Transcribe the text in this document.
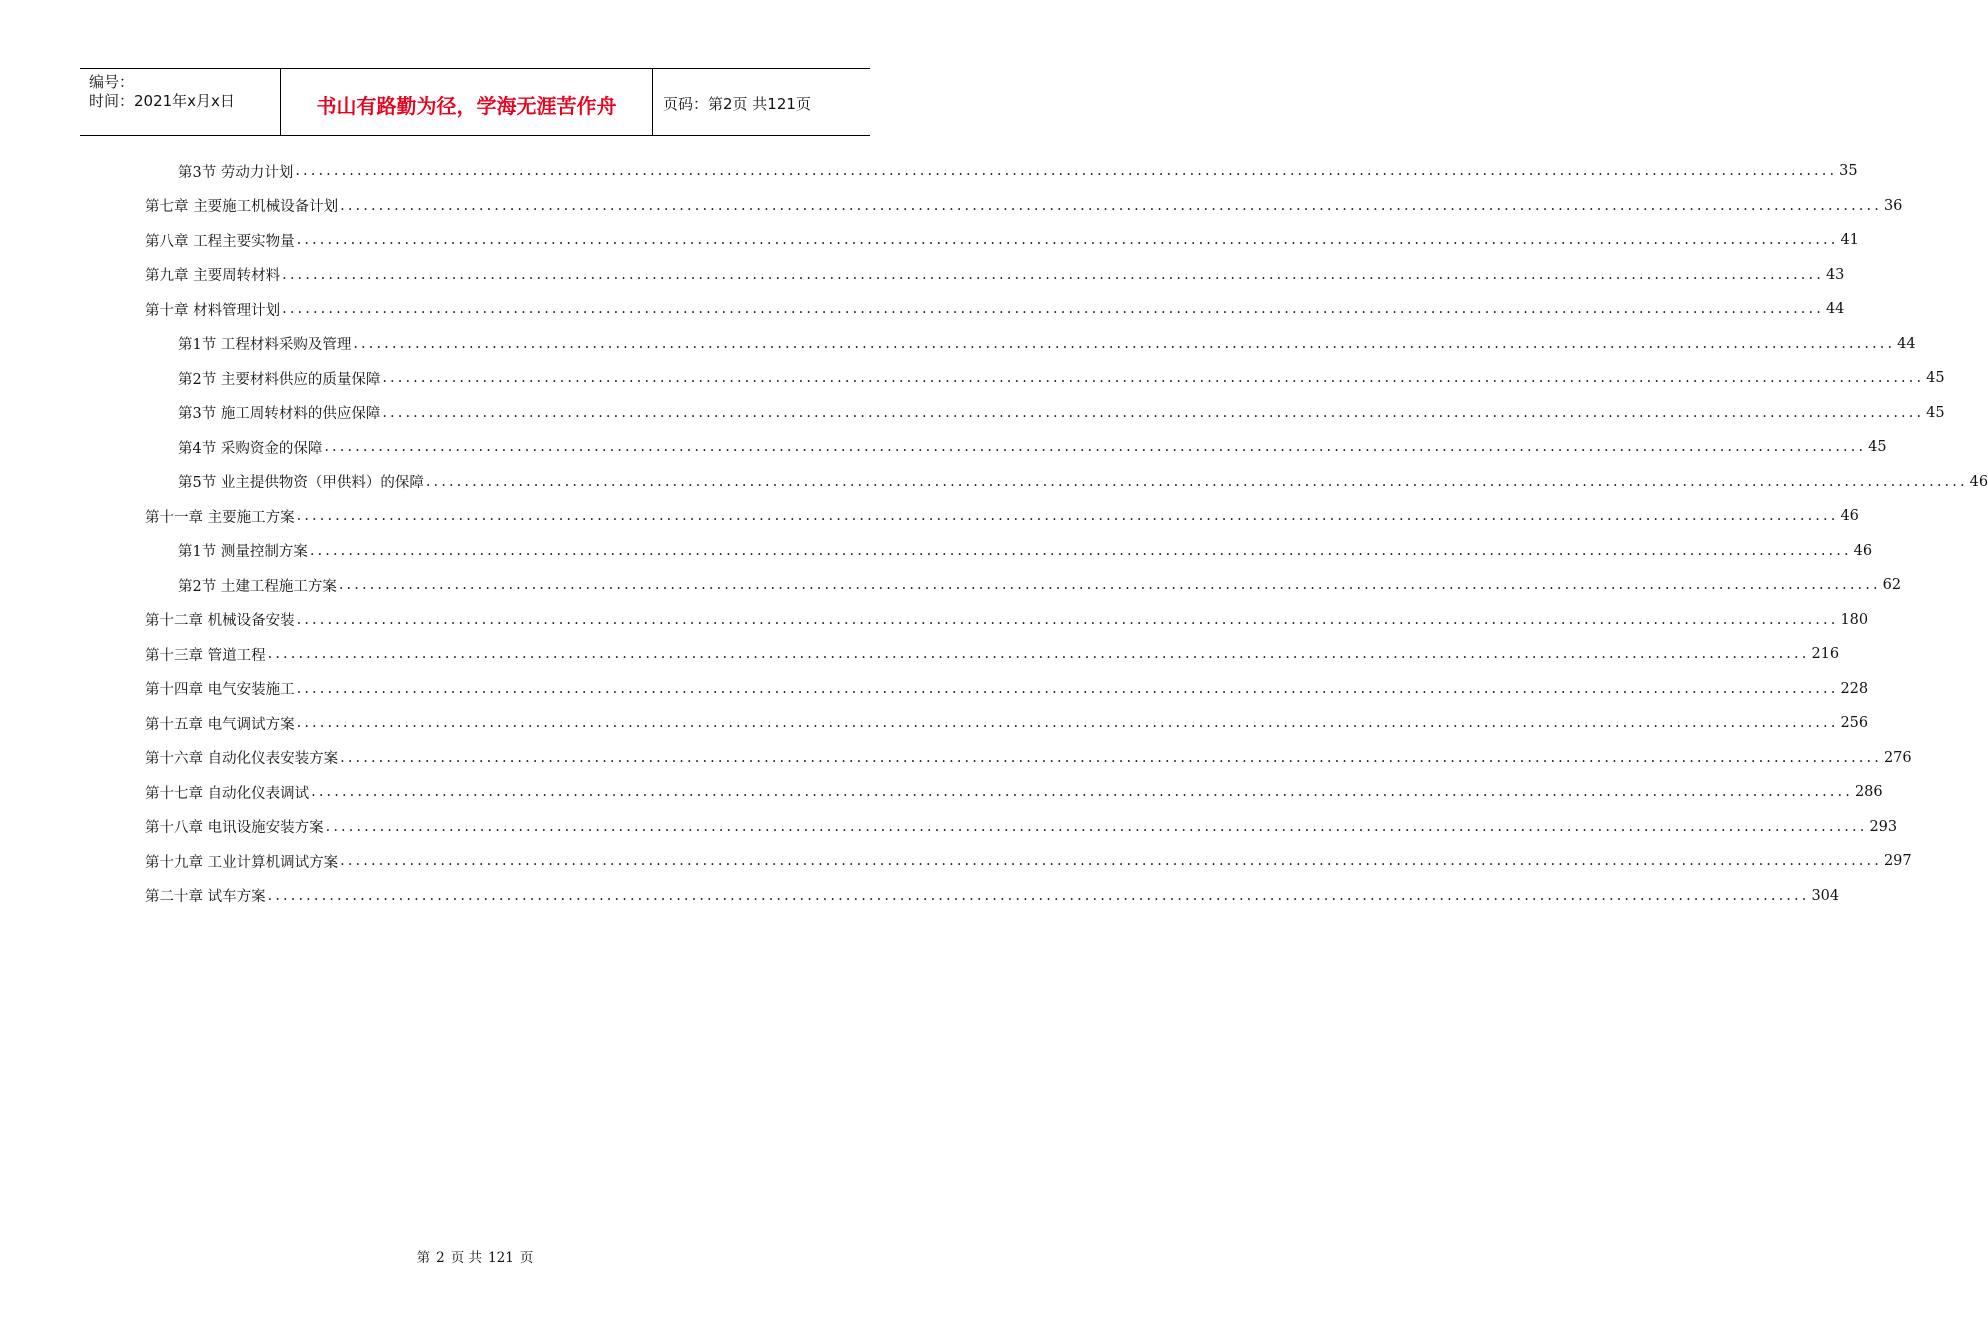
编号：
时间：2021年x月x日	书山有路勤为径，学海无涯苦作舟	页码：第2页 共121页
第3节 劳动力计划 ........................................................................................................................................................................................................ 35
第七章 主要施工机械设备计划 ........................................................................................................................................................................................................ 36
第八章 工程主要实物量 ........................................................................................................................................................................................................ 41
第九章 主要周转材料 ........................................................................................................................................................................................................ 43
第十章 材料管理计划 ........................................................................................................................................................................................................ 44
第1节 工程材料采购及管理 ........................................................................................................................................................................................................ 44
第2节 主要材料供应的质量保障 ........................................................................................................................................................................................................ 45
第3节 施工周转材料的供应保障 ........................................................................................................................................................................................................ 45
第4节 采购资金的保障 ........................................................................................................................................................................................................ 45
第5节 业主提供物资（甲供料）的保障 ........................................................................................................................................................................................................ 46
第十一章 主要施工方案 ........................................................................................................................................................................................................ 46
第1节 测量控制方案 ........................................................................................................................................................................................................ 46
第2节 土建工程施工方案 ........................................................................................................................................................................................................ 62
第十二章 机械设备安装 ........................................................................................................................................................................................................ 180
第十三章 管道工程 ........................................................................................................................................................................................................ 216
第十四章 电气安装施工 ........................................................................................................................................................................................................ 228
第十五章 电气调试方案 ........................................................................................................................................................................................................ 256
第十六章 自动化仪表安装方案 ........................................................................................................................................................................................................ 276
第十七章 自动化仪表调试 ........................................................................................................................................................................................................ 286
第十八章 电讯设施安装方案 ........................................................................................................................................................................................................ 293
第十九章 工业计算机调试方案 ........................................................................................................................................................................................................ 297
第二十章 试车方案 ........................................................................................................................................................................................................ 304
第 2 页 共 121 页
